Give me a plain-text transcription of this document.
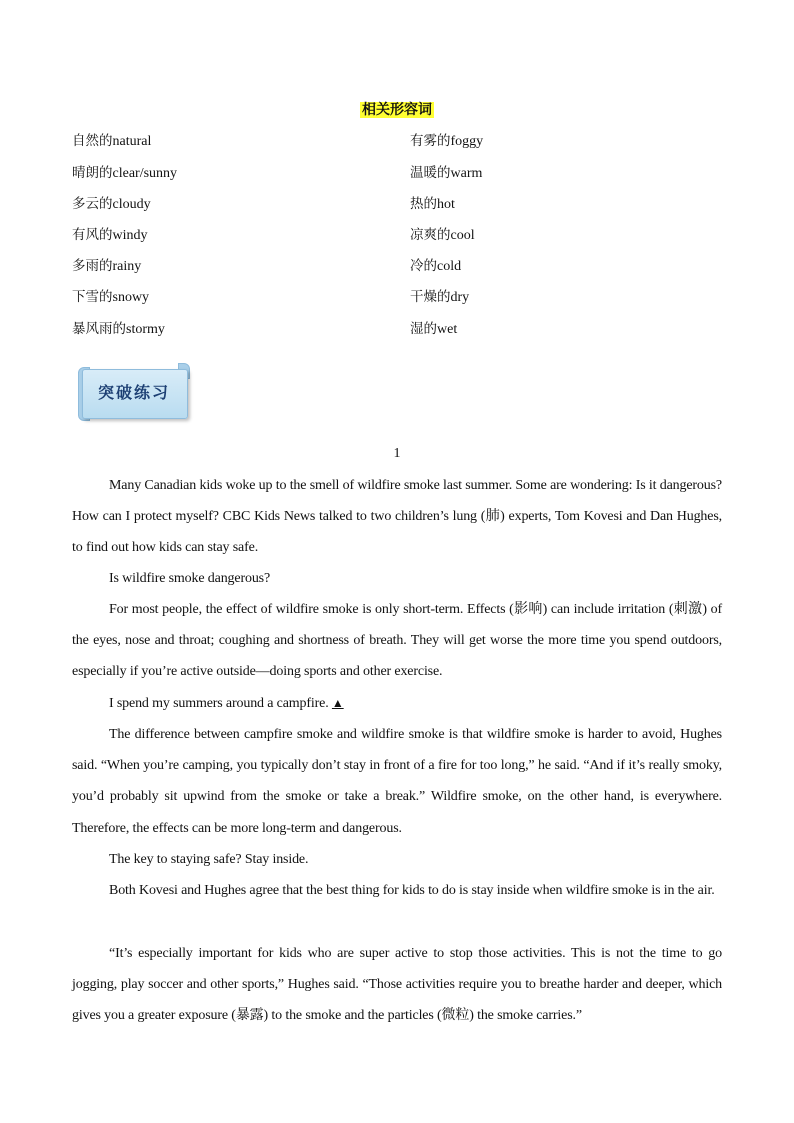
相关形容词
自然的natural	有雾的foggy
晴朗的clear/sunny	温暖的warm
多云的cloudy	热的hot
有风的windy	凉爽的cool
多雨的rainy	冷的cold
下雪的snowy	干燥的dry
暴风雨的stormy	湿的wet
突破练习
1

Many Canadian kids woke up to the smell of wildfire smoke last summer. Some are wondering: Is it dangerous? How can I protect myself? CBC Kids News talked to two children’s lung (肺) experts, Tom Kovesi and Dan Hughes, to find out how kids can stay safe.

Is wildfire smoke dangerous?

For most people, the effect of wildfire smoke is only short-term. Effects (影响) can include irritation (刺激) of the eyes, nose and throat; coughing and shortness of breath. They will get worse the more time you spend outdoors, especially if you’re active outside—doing sports and other exercise.

I spend my summers around a campfire. ▲

The difference between campfire smoke and wildfire smoke is that wildfire smoke is harder to avoid, Hughes said. “When you’re camping, you typically don’t stay in front of a fire for too long,” he said. “And if it’s really smoky, you’d probably sit upwind from the smoke or take a break.” Wildfire smoke, on the other hand, is everywhere. Therefore, the effects can be more long-term and dangerous.

The key to staying safe? Stay inside.

Both Kovesi and Hughes agree that the best thing for kids to do is stay inside when wildfire smoke is in the air.

“It’s especially important for kids who are super active to stop those activities. This is not the time to go jogging, play soccer and other sports,” Hughes said. “Those activities require you to breathe harder and deeper, which gives you a greater exposure (暴露) to the smoke and the particles (微粒) the smoke carries.”
